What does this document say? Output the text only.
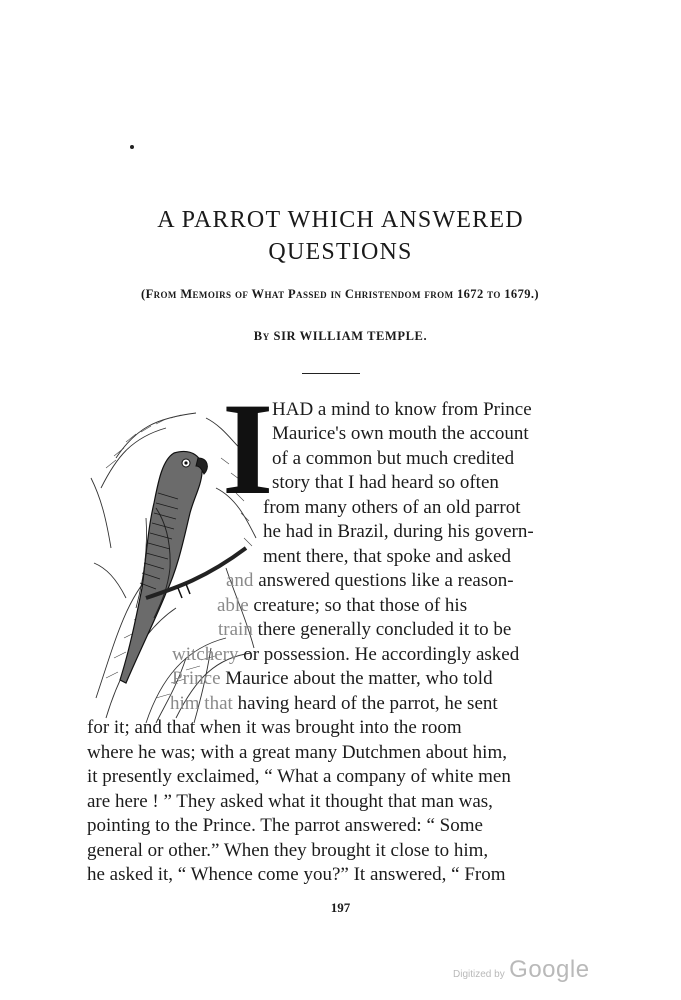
A PARROT WHICH ANSWERED
QUESTIONS
(From Memoirs of What Passed in Christendom from 1672 to 1679.)
By SIR WILLIAM TEMPLE.
I
HAD a mind to know from Prince
Maurice's own mouth the account
of a common but much credited
story that I had heard so often
from many others of an old parrot
he had in Brazil, during his govern-
ment there, that spoke and asked
and answered questions like a reason-
able creature; so that those of his
train there generally concluded it to be
witchery or possession. He accordingly asked
Prince Maurice about the matter, who told
him that having heard of the parrot, he sent
for it; and that when it was brought into the room
where he was; with a great many Dutchmen about him,
it presently exclaimed, “ What a company of white men
are here ! ” They asked what it thought that man was,
pointing to the Prince. The parrot answered: “ Some
general or other.” When they brought it close to him,
he asked it, “ Whence come you?” It answered, “ From
197
Digitized by Google
